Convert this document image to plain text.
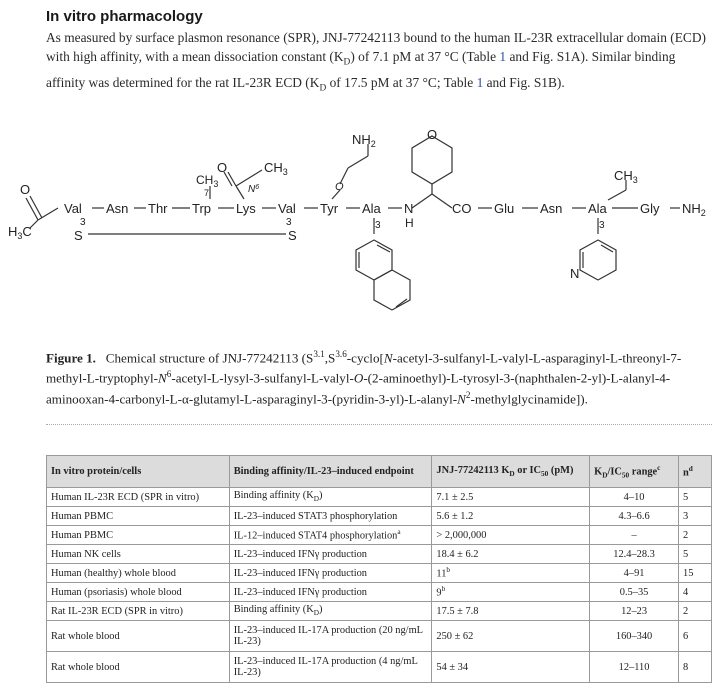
In vitro pharmacology
As measured by surface plasmon resonance (SPR), JNJ-77242113 bound to the human IL-23R extracellular domain (ECD) with high affinity, with a mean dissociation constant $(K_D)$ of 7.1 pM at 37 °C (Table 1 and Fig. S1A). Similar binding affinity was determined for the rat IL-23R ECD ($K_D$ of 17.5 pM at 37 °C; Table 1 and Fig. S1B).
$NH_2$
O
O	$CH_3$
$CH_3$
7	$N^6$	O
O
$CH_3$
$H_3C$
Val Asn Thr Trp Lys Val Tyr Ala N
H
CO Glu Asn Ala	Gly $NH_2$
3
S
3
S
3	3
N
Figure 1. Chemical structure of JNJ-77242113 ($S^{3.1},S^{3.6}-cyclo[N-acetyl-3-sulfanyl-L-valyl-L-asparaginyl-L-threonyl-7-methyl-L-tryptophyl-N^6-acetyl-L-lysyl-3-sulfanyl-L-v$alyl-O-(2-aminoethyl)-L-tyrosyl-3-(naphthalen-2-yl)-L-alanyl-4-aminooxan-4-carbonyl-L-α-glutamyl-L-asparaginyl-3-(pyridi$n-3-yl)-L-alanyl-N^2-methylglycinamide$]).
In vitro protein/cells	Binding affinity/IL-23–induced endpoint	JNJ-77242113 $K_D$ or $IC_{50}$ (pM)	$K_D/IC_{50}$ range$^c$	$n^d$
Human IL-23R ECD (SPR in vitro)	Binding affinity $(K_D)$	7.1 ± 2.5	4–10	5
Human PBMC	IL-23–induced STAT3 phosphorylation	5.6 ± 1.2	4.3–6.6	3
Human PBMC	IL-12–induced STAT4 phosphorylation$^a$	> 2,000,000	–	2
Human NK cells	IL-23–induced IFNγ production	18.4 ± 6.2	12.4–28.3	5
Human (healthy) whole blood	IL-23–induced IFNγ production	11$^b$	4–91	15
Human (psoriasis) whole blood	IL-23–induced IFNγ production	9$^b$	0.5–35	4
Rat IL-23R ECD (SPR in vitro)	Binding affinity $(K_D)$	17.5 ± 7.8	12–23	2
Rat whole blood	IL-23–induced IL-17A production (20 ng/mL IL-23)	250 ± 62	160–340	6
Rat whole blood	IL-23–induced IL-17A production (4 ng/mL IL-23)	54 ± 34	12–110	8
